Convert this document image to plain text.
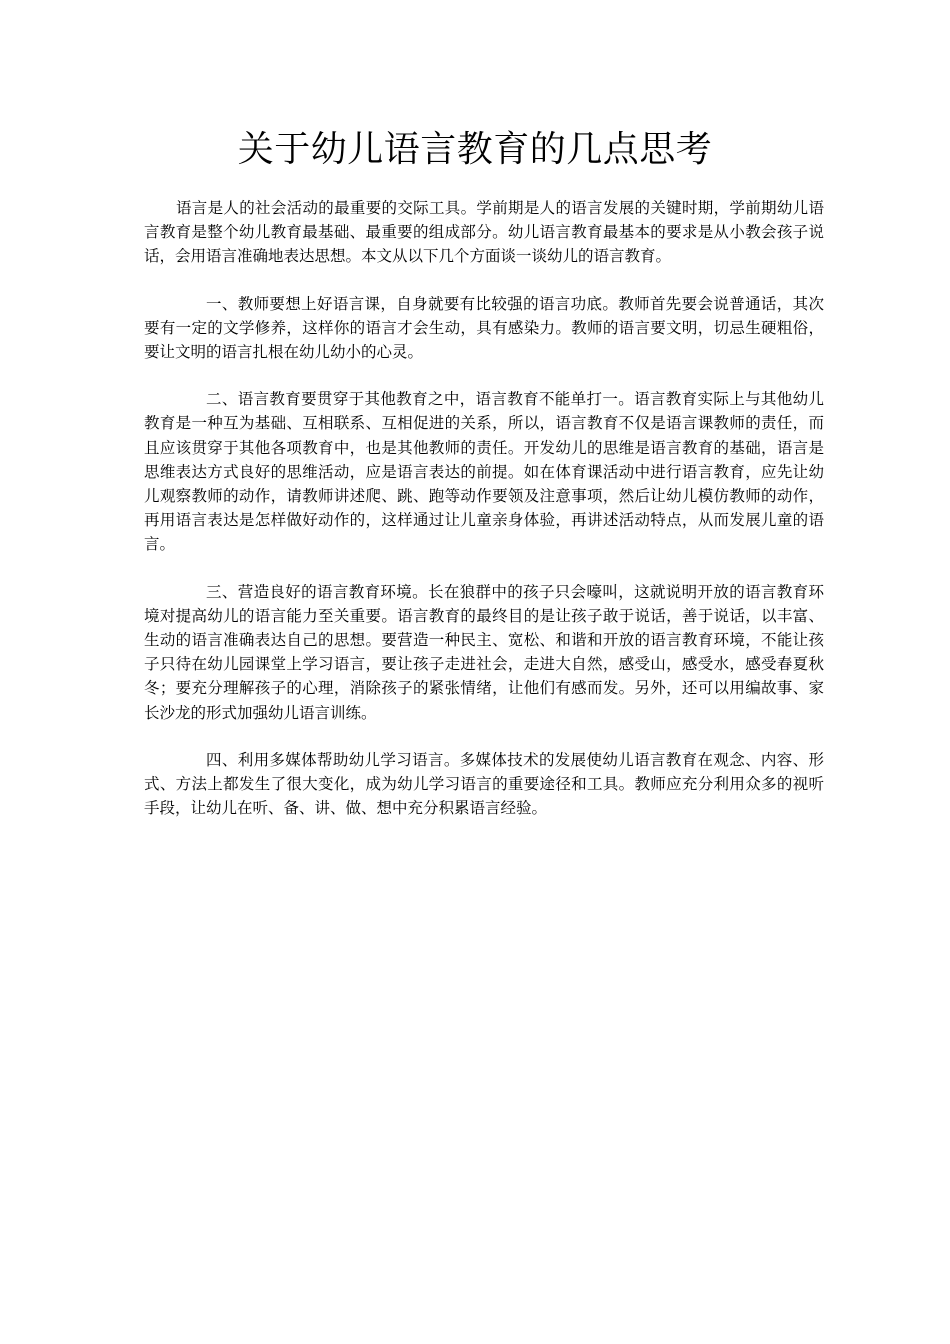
关于幼儿语言教育的几点思考

语言是人的社会活动的最重要的交际工具。学前期是人的语言发展的关键时期，学前期幼儿语言教育是整个幼儿教育最基础、最重要的组成部分。幼儿语言教育最基本的要求是从小教会孩子说话，会用语言准确地表达思想。本文从以下几个方面谈一谈幼儿的语言教育。

一、教师要想上好语言课，自身就要有比较强的语言功底。教师首先要会说普通话，其次要有一定的文学修养，这样你的语言才会生动，具有感染力。教师的语言要文明，切忌生硬粗俗，要让文明的语言扎根在幼儿幼小的心灵。

二、语言教育要贯穿于其他教育之中，语言教育不能单打一。语言教育实际上与其他幼儿教育是一种互为基础、互相联系、互相促进的关系，所以，语言教育不仅是语言课教师的责任，而且应该贯穿于其他各项教育中，也是其他教师的责任。开发幼儿的思维是语言教育的基础，语言是思维表达方式良好的思维活动，应是语言表达的前提。如在体育课活动中进行语言教育，应先让幼儿观察教师的动作，请教师讲述爬、跳、跑等动作要领及注意事项，然后让幼儿模仿教师的动作，再用语言表达是怎样做好动作的，这样通过让儿童亲身体验，再讲述活动特点，从而发展儿童的语言。

三、营造良好的语言教育环境。长在狼群中的孩子只会嚎叫，这就说明开放的语言教育环境对提高幼儿的语言能力至关重要。语言教育的最终目的是让孩子敢于说话，善于说话，以丰富、生动的语言准确表达自己的思想。要营造一种民主、宽松、和谐和开放的语言教育环境，不能让孩子只待在幼儿园课堂上学习语言，要让孩子走进社会，走进大自然，感受山，感受水，感受春夏秋冬；要充分理解孩子的心理，消除孩子的紧张情绪，让他们有感而发。另外，还可以用编故事、家长沙龙的形式加强幼儿语言训练。

四、利用多媒体帮助幼儿学习语言。多媒体技术的发展使幼儿语言教育在观念、内容、形式、方法上都发生了很大变化，成为幼儿学习语言的重要途径和工具。教师应充分利用众多的视听手段，让幼儿在听、备、讲、做、想中充分积累语言经验。
